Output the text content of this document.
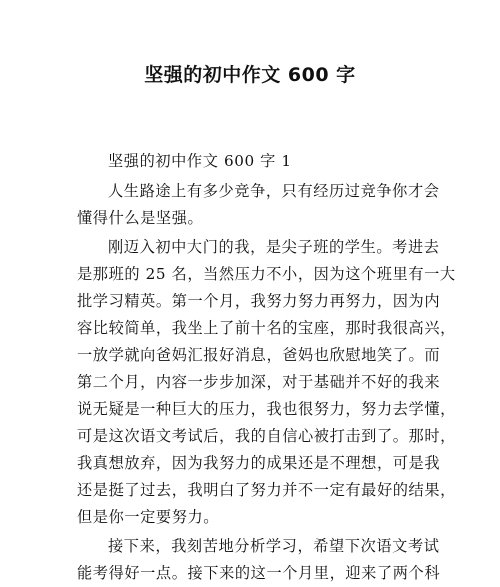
坚强的初中作文 600 字
坚强的初中作文 600 字 1
人生路途上有多少竞争，只有经历过竞争你才会
懂得什么是坚强。
刚迈入初中大门的我，是尖子班的学生。考进去
是那班的 25 名，当然压力不小，因为这个班里有一大
批学习精英。第一个月，我努力努力再努力，因为内
容比较简单，我坐上了前十名的宝座，那时我很高兴，
一放学就向爸妈汇报好消息，爸妈也欣慰地笑了。而
第二个月，内容一步步加深，对于基础并不好的我来
说无疑是一种巨大的压力，我也很努力，努力去学懂，
可是这次语文考试后，我的自信心被打击到了。那时，
我真想放弃，因为我努力的成果还是不理想，可是我
还是挺了过去，我明白了努力并不一定有最好的结果，
但是你一定要努力。
接下来，我刻苦地分析学习，希望下次语文考试
能考得好一点。接下来的这一个月里，迎来了两个科
